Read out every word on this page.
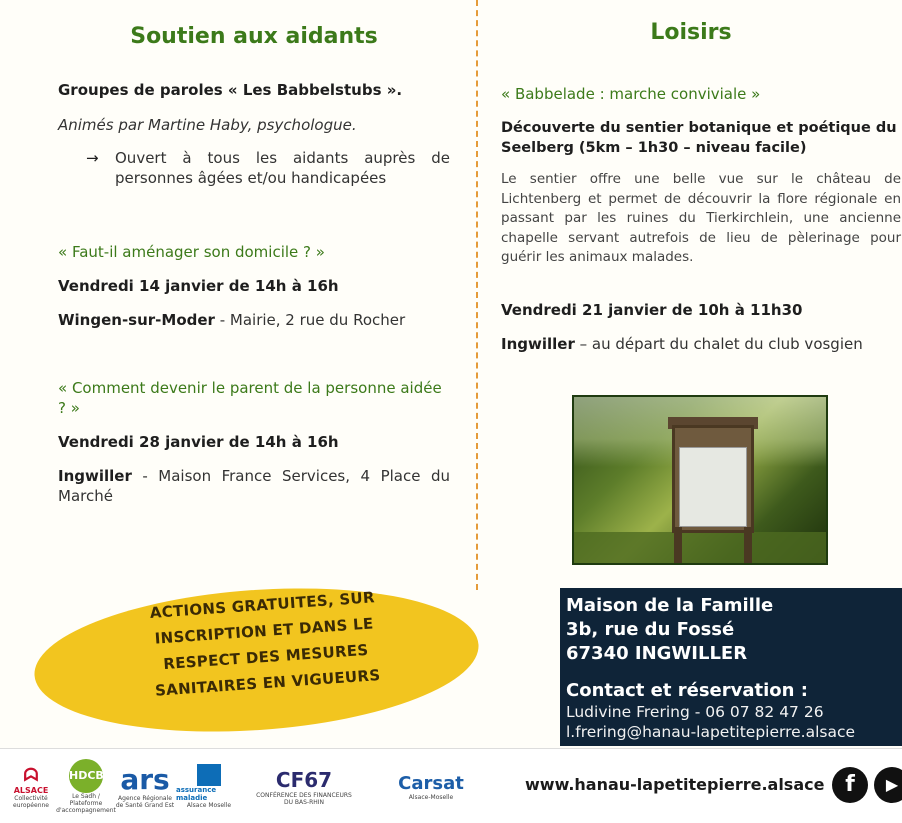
Soutien aux aidants
Groupes de paroles « Les Babbelstubs ».
Animés par Martine Haby, psychologue.
→	Ouvert à tous les aidants auprès de personnes âgées et/ou handicapées
« Faut-il aménager son domicile ? »
Vendredi 14 janvier de 14h à 16h
Wingen-sur-Moder - Mairie, 2 rue du Rocher
« Comment devenir le parent de la personne aidée ? »
Vendredi 28 janvier de 14h à 16h
Ingwiller - Maison France Services, 4 Place du Marché
Loisirs
« Babbelade : marche conviviale »
Découverte du sentier botanique et poétique du Seelberg (5km – 1h30 – niveau facile)
Le sentier offre une belle vue sur le château de Lichtenberg et permet de découvrir la flore régionale en passant par les ruines du Tierkirchlein, une ancienne chapelle servant autrefois de lieu de pèlerinage pour guérir les animaux malades.
Vendredi 21 janvier de 10h à 11h30
Ingwiller – au départ du chalet du club vosgien
ACTIONS GRATUITES, SUR INSCRIPTION ET DANS LE RESPECT DES MESURES SANITAIRES EN VIGUEURS
Maison de la Famille
3b, rue du Fossé
67340 INGWILLER
Contact et réservation :
Ludivine Frering - 06 07 82 47 26
l.frering@hanau-lapetitepierre.alsace
ᗣ
ALSACE
Collectivité européenne
HDCB
Le Sadh / Plateforme d'accompagnement
ars
Agence Régionale de Santé Grand Est
assurance maladie
Alsace Moselle
CF67
CONFÉRENCE DES FINANCEURS DU BAS-RHIN
Carsat
Alsace-Moselle
www.hanau-lapetitepierre.alsace f	▶
